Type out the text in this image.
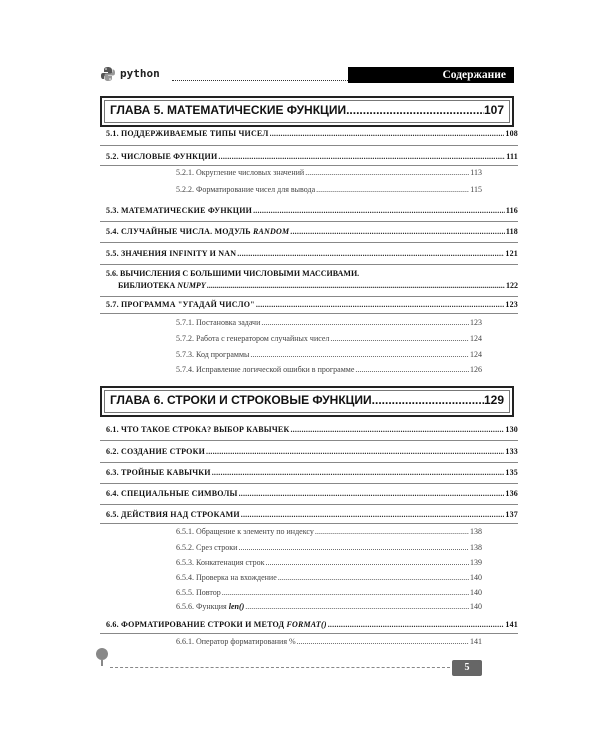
python	Содержание
ГЛАВА 5. МАТЕМАТИЧЕСКИЕ ФУНКЦИИ .....	107
5.1. ПОДДЕРЖИВАЕМЫЕ ТИПЫ ЧИСЕЛ .....	108
5.2. ЧИСЛОВЫЕ ФУНКЦИИ .....	111
5.2.1. Округление числовых значений .....	113
5.2.2. Форматирование чисел для вывода .....	115
5.3. МАТЕМАТИЧЕСКИЕ ФУНКЦИИ .....	116
5.4. СЛУЧАЙНЫЕ ЧИСЛА. МОДУЛЬ RANDOM .....	118
5.5. ЗНАЧЕНИЯ INFINITY И NAN .....	121
5.6. ВЫЧИСЛЕНИЯ С БОЛЬШИМИ ЧИСЛОВЫМИ МАССИВАМИ.
БИБЛИОТЕКА NUMPY .....	122
5.7. ПРОГРАММА "УГАДАЙ ЧИСЛО" .....	123
5.7.1. Постановка задачи .....	123
5.7.2. Работа с генератором случайных чисел .....	124
5.7.3. Код программы .....	124
5.7.4. Исправление логической ошибки в программе .....	126
ГЛАВА 6. СТРОКИ И СТРОКОВЫЕ ФУНКЦИИ .....	129
6.1. ЧТО ТАКОЕ СТРОКА? ВЫБОР КАВЫЧЕК .....	130
6.2. СОЗДАНИЕ СТРОКИ .....	133
6.3. ТРОЙНЫЕ КАВЫЧКИ .....	135
6.4. СПЕЦИАЛЬНЫЕ СИМВОЛЫ .....	136
6.5. ДЕЙСТВИЯ НАД СТРОКАМИ .....	137
6.5.1. Обращение к элементу по индексу .....	138
6.5.2. Срез строки .....	138
6.5.3. Конкатенация строк .....	139
6.5.4. Проверка на вхождение .....	140
6.5.5. Повтор .....	140
6.5.6. Функция len() .....	140
6.6. ФОРМАТИРОВАНИЕ СТРОКИ И МЕТОД FORMAT() .....	141
6.6.1. Оператор форматирования % .....	141
5
